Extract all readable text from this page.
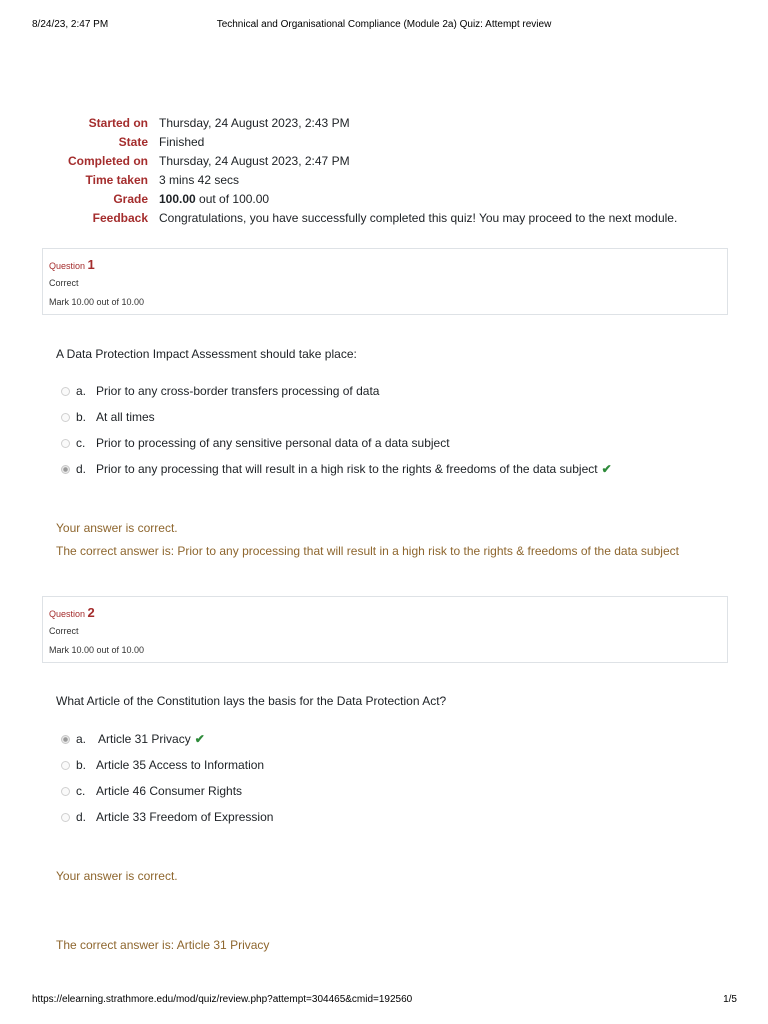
8/24/23, 2:47 PM	Technical and Organisational Compliance (Module 2a) Quiz: Attempt review
https://elearning.strathmore.edu/mod/quiz/review.php?attempt=304465&cmid=192560	1/5
Started on	Thursday, 24 August 2023, 2:43 PM
State	Finished
Completed on	Thursday, 24 August 2023, 2:47 PM
Time taken	3 mins 42 secs
Grade	100.00 out of 100.00
Feedback	Congratulations, you have successfully completed this quiz! You may proceed to the next module.
Question 1
Correct
Mark 10.00 out of 10.00
A Data Protection Impact Assessment should take place:
a. Prior to any cross-border transfers processing of data
b. At all times
c. Prior to processing of any sensitive personal data of a data subject
d. Prior to any processing that will result in a high risk to the rights & freedoms of the data subject ✔
Your answer is correct.
The correct answer is: Prior to any processing that will result in a high risk to the rights & freedoms of the data subject
Question 2
Correct
Mark 10.00 out of 10.00
What Article of the Constitution lays the basis for the Data Protection Act?
a. Article 31 Privacy ✔
b. Article 35 Access to Information
c. Article 46 Consumer Rights
d. Article 33 Freedom of Expression
Your answer is correct.
The correct answer is: Article 31 Privacy
